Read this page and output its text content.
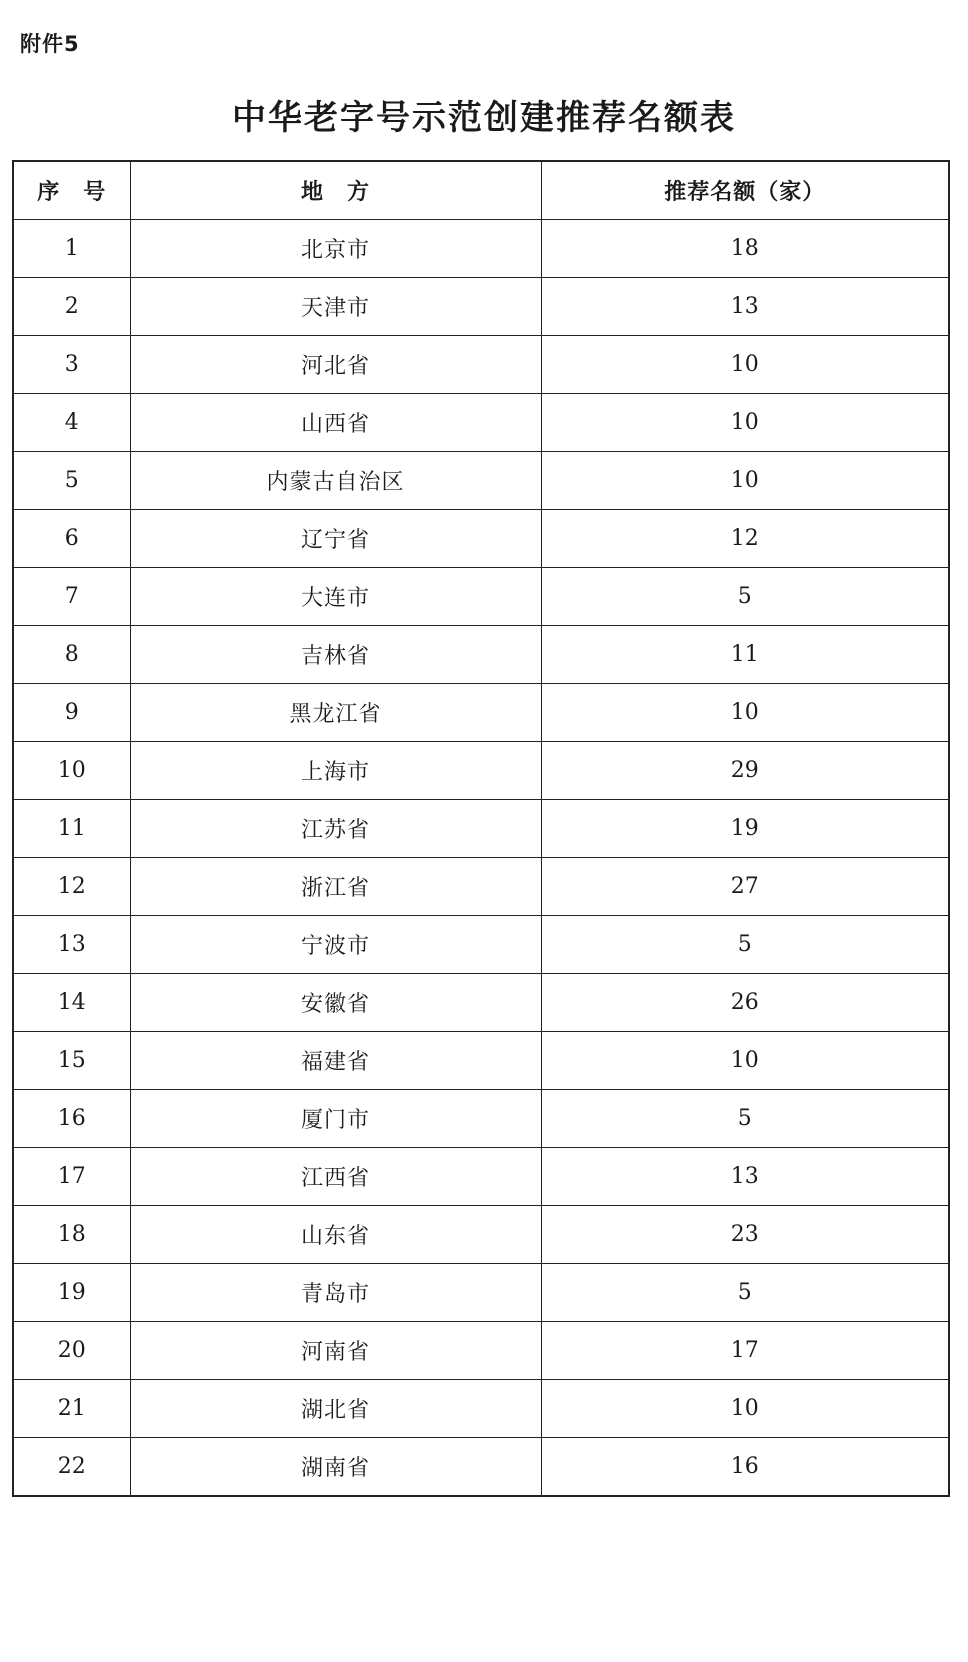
附件5
中华老字号示范创建推荐名额表
序　号	地　方	推荐名额（家）
1	北京市	18
2	天津市	13
3	河北省	10
4	山西省	10
5	内蒙古自治区	10
6	辽宁省	12
7	大连市	5
8	吉林省	11
9	黑龙江省	10
10	上海市	29
11	江苏省	19
12	浙江省	27
13	宁波市	5
14	安徽省	26
15	福建省	10
16	厦门市	5
17	江西省	13
18	山东省	23
19	青岛市	5
20	河南省	17
21	湖北省	10
22	湖南省	16
